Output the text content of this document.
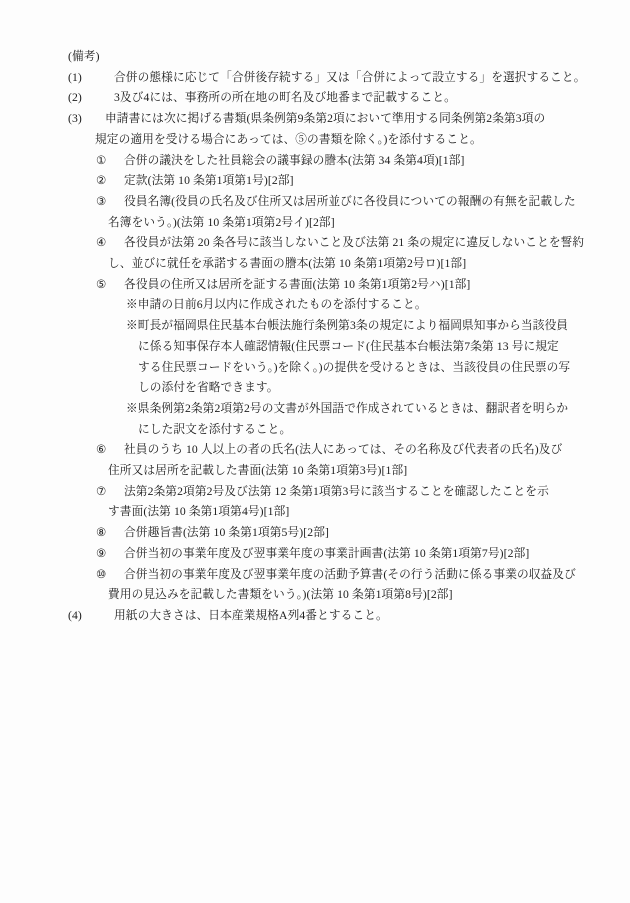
(備考)
(1)	合併の態様に応じて「合併後存続する」又は「合併によって設立する」を選択すること。
(2)	3及び4には、事務所の所在地の町名及び地番まで記載すること。
(3) 申請書には次に掲げる書類(県条例第9条第2項において準用する同条例第2条第3項の
規定の適用を受ける場合にあっては、⑤の書類を除く。)を添付すること。
① 合併の議決をした社員総会の議事録の謄本(法第 34 条第4項)[1部]
② 定款(法第 10 条第1項第1号)[2部]
③ 役員名簿(役員の氏名及び住所又は居所並びに各役員についての報酬の有無を記載した
名簿をいう。)(法第 10 条第1項第2号イ)[2部]
④ 各役員が法第 20 条各号に該当しないこと及び法第 21 条の規定に違反しないことを誓約
し、並びに就任を承諾する書面の謄本(法第 10 条第1項第2号ロ)[1部]
⑤ 各役員の住所又は居所を証する書面(法第 10 条第1項第2号ハ)[1部]
※申請の日前6月以内に作成されたものを添付すること。
※町長が福岡県住民基本台帳法施行条例第3条の規定により福岡県知事から当該役員
に係る知事保存本人確認情報(住民票コード(住民基本台帳法第7条第 13 号に規定
する住民票コードをいう。)を除く。)の提供を受けるときは、当該役員の住民票の写
しの添付を省略できます。
※県条例第2条第2項第2号の文書が外国語で作成されているときは、翻訳者を明らか
にした訳文を添付すること。
⑥ 社員のうち 10 人以上の者の氏名(法人にあっては、その名称及び代表者の氏名)及び
住所又は居所を記載した書面(法第 10 条第1項第3号)[1部]
⑦ 法第2条第2項第2号及び法第 12 条第1項第3号に該当することを確認したことを示
す書面(法第 10 条第1項第4号)[1部]
⑧ 合併趣旨書(法第 10 条第1項第5号)[2部]
⑨ 合併当初の事業年度及び翌事業年度の事業計画書(法第 10 条第1項第7号)[2部]
⑩ 合併当初の事業年度及び翌事業年度の活動予算書(その行う活動に係る事業の収益及び
費用の見込みを記載した書類をいう。)(法第 10 条第1項第8号)[2部]
(4)	用紙の大きさは、日本産業規格A列4番とすること。
